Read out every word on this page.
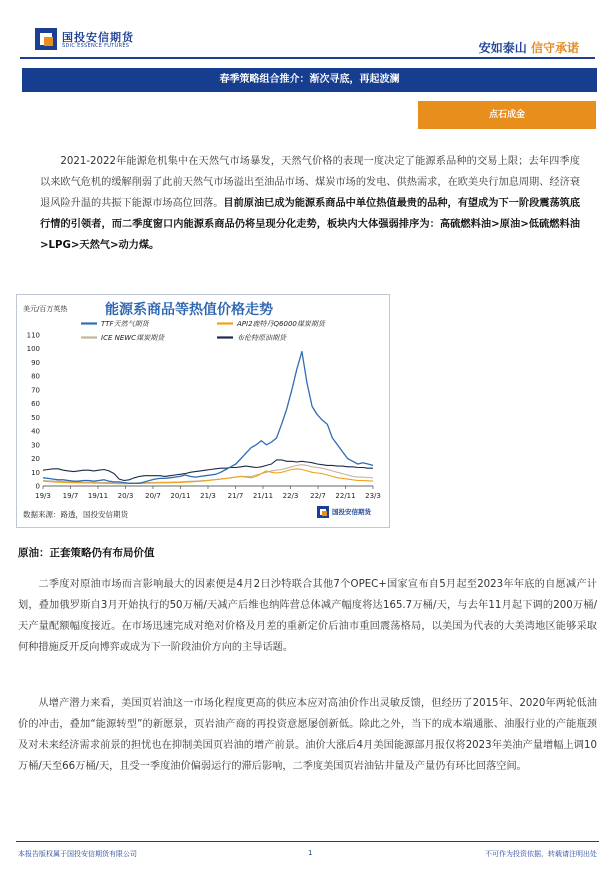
国投安信期货
SDIC ESSENCE FUTURES	安如泰山 信守承诺
春季策略组合推介：渐次寻底，再起波澜
点石成金
2021-2022年能源危机集中在天然气市场暴发，天然气价格的表现一度决定了能源系品种的交易上限；去年四季度以来欧气危机的缓解削弱了此前天然气市场溢出至油品市场、煤炭市场的发电、供热需求，在欧美央行加息周期、经济衰退风险升温的共振下能源市场高位回落。目前原油已成为能源系商品中单位热值最贵的品种，有望成为下一阶段震荡筑底行情的引领者，而二季度窗口内能源系商品仍将呈现分化走势，板块内大体强弱排序为：高硫燃料油>原油>低硫燃料油>LPG>天然气>动力煤。
美元/百万英热	能源系商品等热值价格走势
TTF天然气期货	API2鹿特丹Q6000煤炭期货
ICE NEWC煤炭期货	布伦特原油期货
0
10
20
30
40
50
60
70
80
90
100
110
19/3 19/7 19/11 20/3 20/7 20/11 21/3 21/7 21/11 22/3 22/7 22/11 23/3
数据来源：路透，国投安信期货	国投安信期货
原油：正套策略仍有布局价值
二季度对原油市场而言影响最大的因素便是4月2日沙特联合其他7个OPEC+国家宣布自5月起至2023年年底的自愿减产计划，叠加俄罗斯自3月开始执行的50万桶/天减产后维也纳阵营总体减产幅度将达165.7万桶/天，与去年11月起下调的200万桶/天产量配额幅度接近。在市场迅速完成对绝对价格及月差的重新定价后油市重回震荡格局，以美国为代表的大美湾地区能够采取何种措施反开反向博弈或成为下一阶段油价方向的主导话题。
从增产潜力来看，美国页岩油这一市场化程度更高的供应本应对高油价作出灵敏反馈，但经历了2015年、2020年两轮低油价的冲击，叠加“能源转型”的新愿景，页岩油产商的再投资意愿屡创新低。除此之外，当下的成本端通胀、油服行业的产能瓶颈及对未来经济需求前景的担忧也在抑制美国页岩油的增产前景。油价大涨后4月美国能源部月报仅将2023年美油产量增幅上调10万桶/天至66万桶/天，且受一季度油价偏弱运行的滞后影响，二季度美国页岩油钻井量及产量仍有环比回落空间。
本报告版权属于国投安信期货有限公司	1	不可作为投资依据，转载请注明出处
